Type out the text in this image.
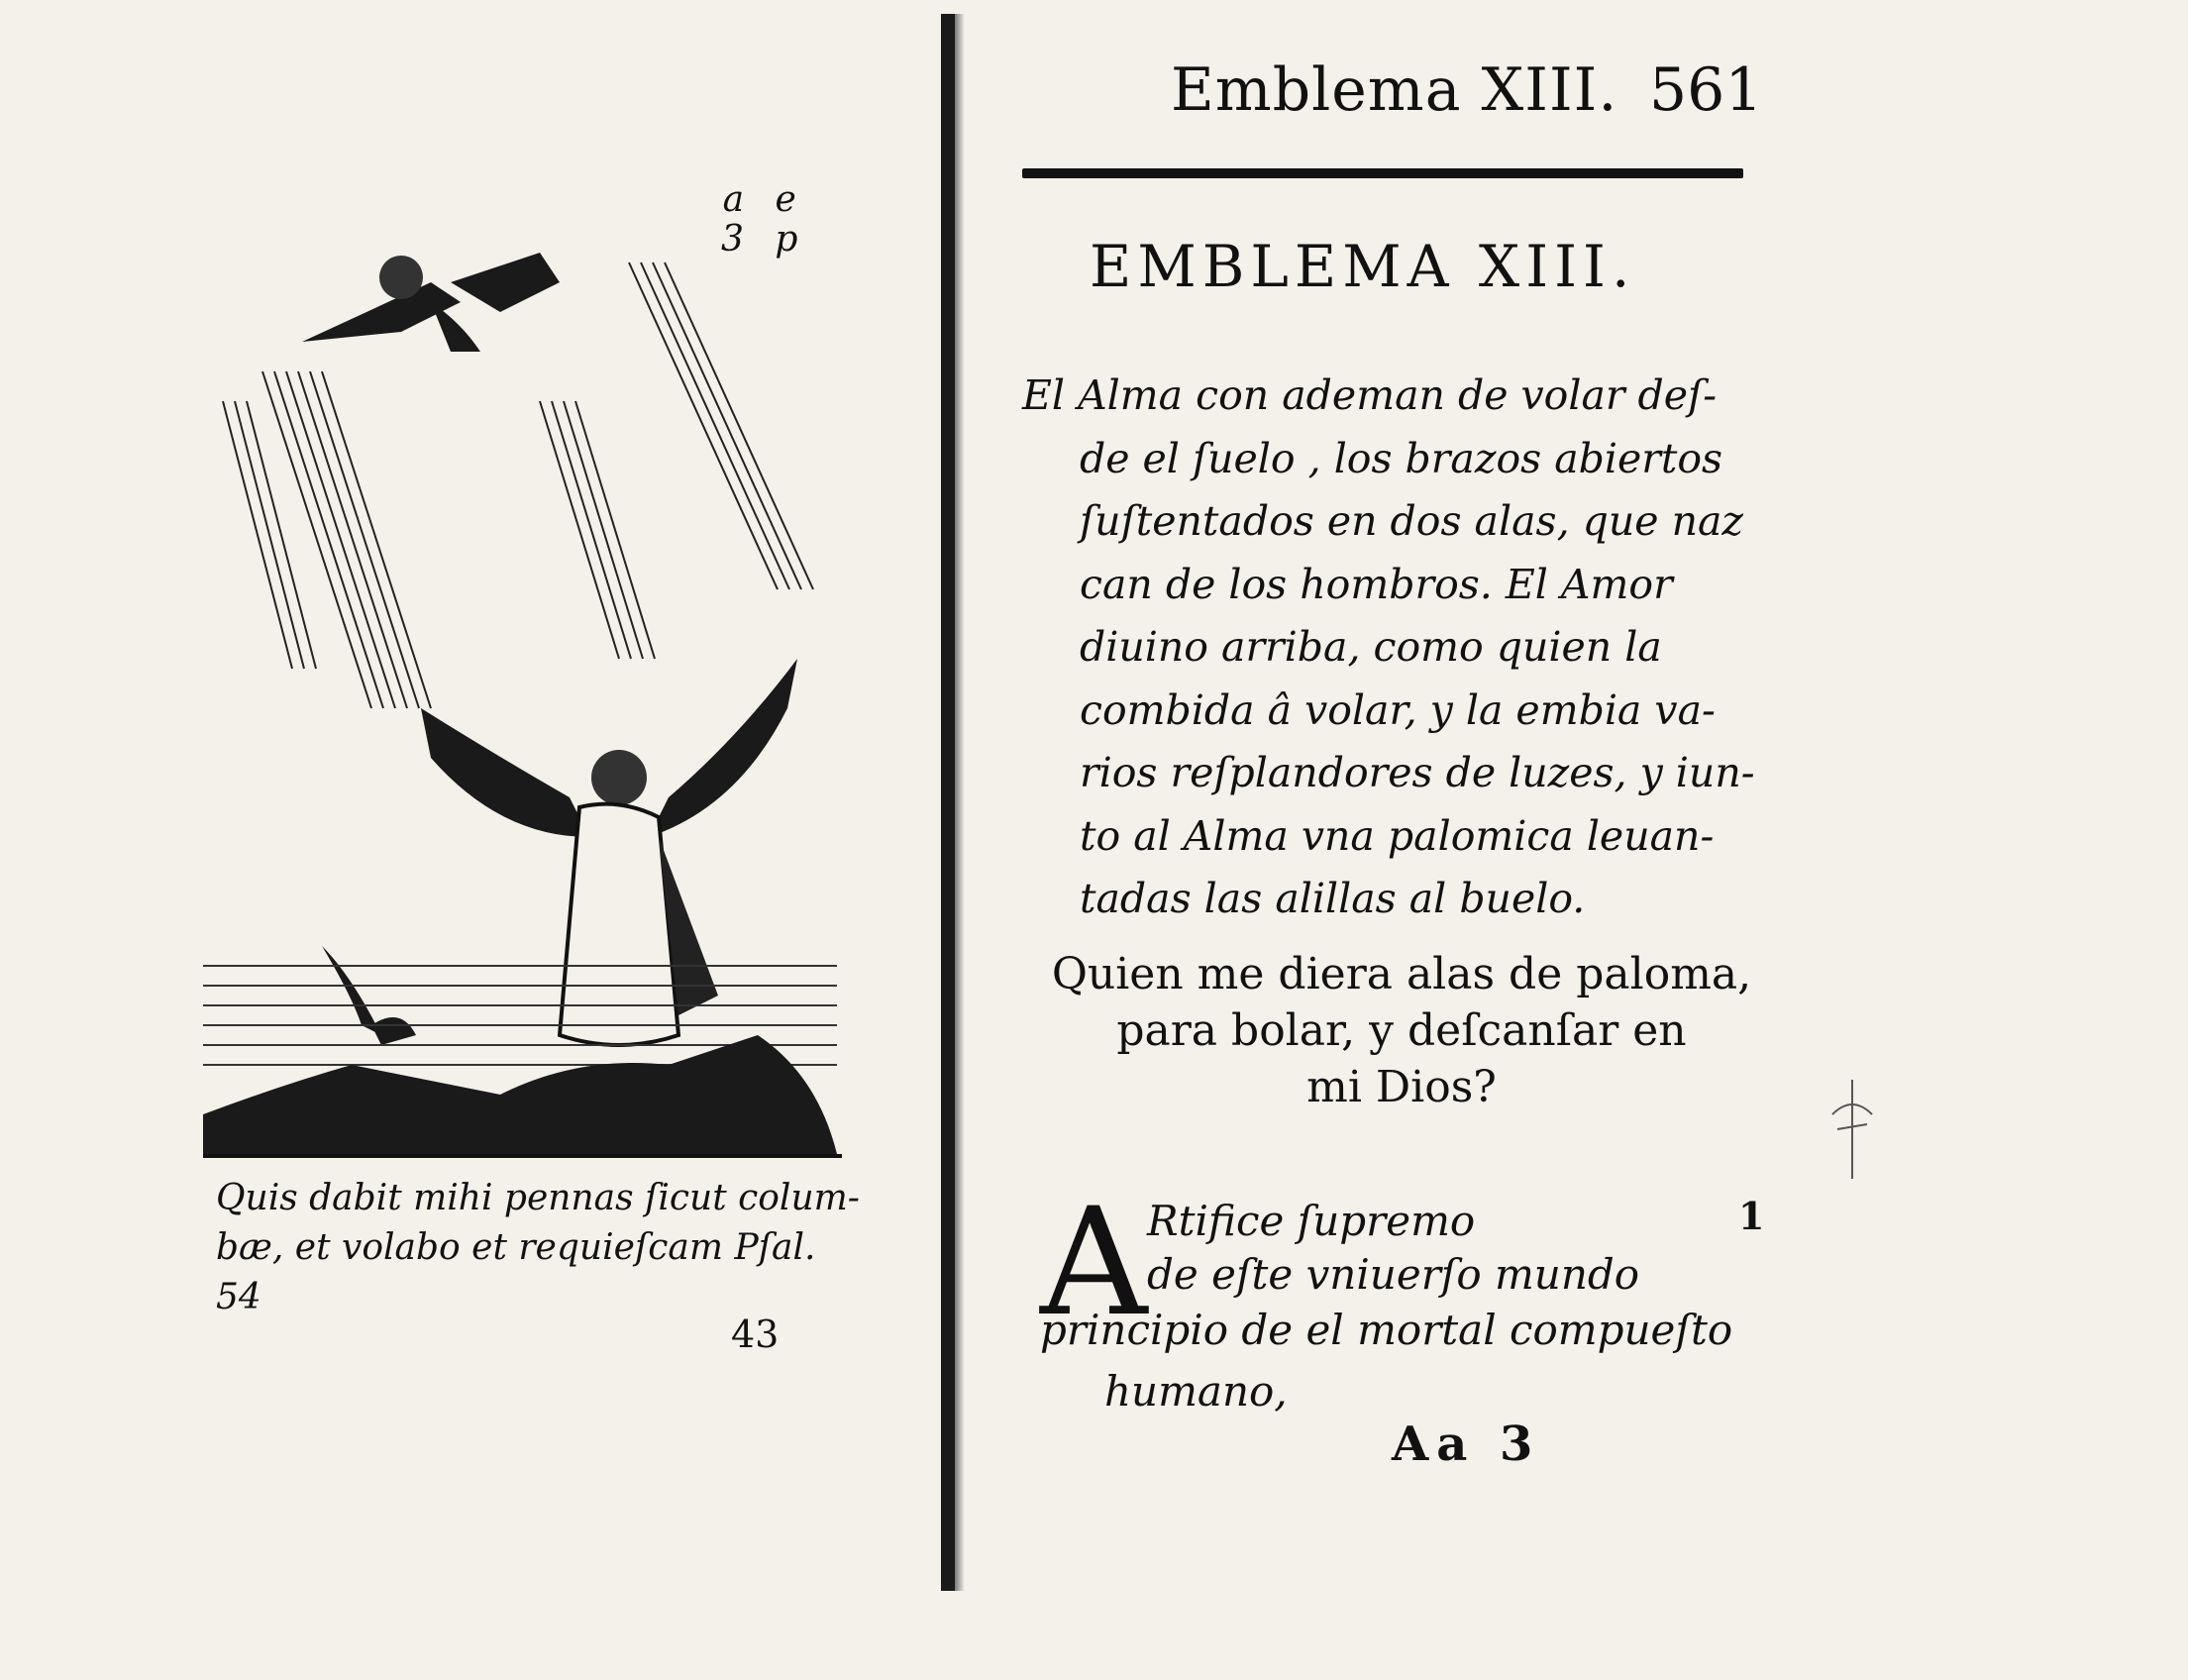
a e
3 p
Quis dabit mihi pennas ſicut colum-
bæ, et volabo et requieſcam Pſal. 54
43
Emblema XIII. 561
EMBLEMA XIII.
El Alma con ademan de volar deſ-
de el ſuelo , los brazos abiertos
ſuſtentados en dos alas, que naz
can de los hombros. El Amor
diuino arriba, como quien la
combida â volar, y la embia va-
rios reſplandores de luzes, y iun-
to al Alma vna palomica leuan-
tadas las alillas al buelo.
Quien me diera alas de paloma,
para bolar, y deſcanſar en
mi Dios?
A Rtifice ſupremo
de eſte vniuerſo mundo
principio de el mortal compueſto
humano,
1
Aa 3
